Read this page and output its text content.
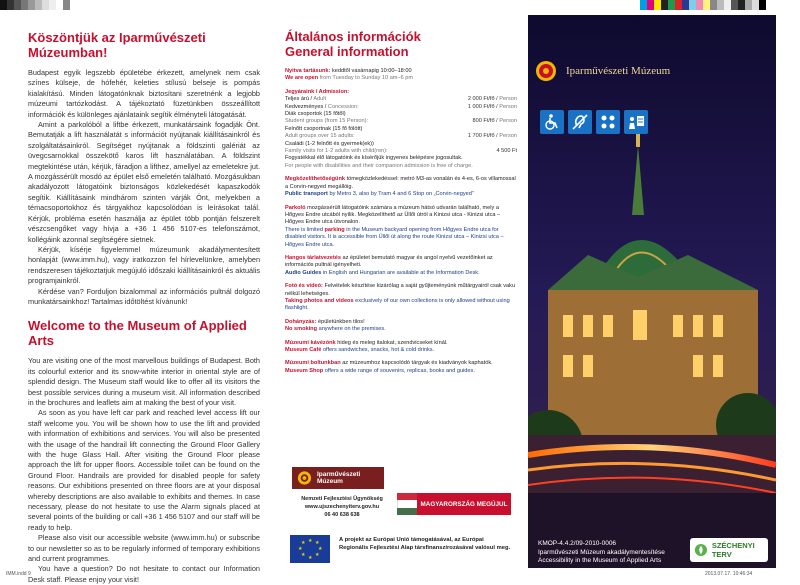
Köszöntjük az Iparművészeti Múzeumban!

Budapest egyik legszebb épületébe érkezett, amelynek nem csak színes külseje, de hófehér, keleties stílusú belseje is pompás kialakítású. Minden látogatónknak biztosítani szeretnénk a legjobb múzeumi tartózkodást. A tájékoztató füzetünkben összeállított információk és különleges ajánlataink segítik élményteli látogatását.

Amint a parkolóból a liftbe érkezett, munkatársaink fogadják Önt. Bemutatják a lift használatát s információt nyújtanak kiállításainkról és szolgáltatásainkról. Segítséget nyújtanak a földszinti galériát az üvegcsarnokkal összekötő karos lift használatában. A földszint megtekintése után, kérjük, fáradjon a lifthez, amellyel az emeletekre jut. A mozgássérült mosdó az épület első emeletén található. Mozgásukban akadályozott látogatóink biztonságos közlekedését kapaszkodók segítik. Kiállításaink mindhárom szinten várják Önt, melyekben a témacsoportokhoz és tárgyakhoz kapcsolódóan is leírásokat talál. Kérjük, probléma esetén használja az épület több pontján felszerelt vészcsengőket vagy hívja a +36 1 456 5107-es telefonszámot, kollégáink azonnal segítségére sietnek.

Kérjük, kísérje figyelemmel múzeumunk akadálymentesített honlapját (www.imm.hu), vagy iratkozzon fel hírlevelünkre, amelyben rendszeresen tájékoztatjuk megújuló időszaki kiállításainkról és aktuális programjainkról.

Kérdése van? Forduljon bizalommal az információs pultnál dolgozó munkatársainkhoz! Tartalmas időtöltést kívánunk!

Welcome to the Museum of Applied Arts

You are visiting one of the most marvellous buildings of Budapest. Both its colourful exterior and its snow-white interior in oriental style are of splendid design. The Museum staff would like to offer all its visitors the best possible services during a museum visit. All information described in the brochures and leaflets aim at making the best of your visit.

As soon as you have left car park and reached level access lift our staff welcome you. You will be shown how to use the lift and provided with information of exhibitions and services. You will also be presented with the usage of the handrail lift connecting the Ground Floor Gallery with the huge Glass Hall. After visiting the Ground Floor please approach the lift for upper floors. Accessible toilet can be found on the Ground Floor. Handrails are provided for disabled people for safety reasons. Our exhibitions presented on three floors are at your disposal whereby descriptions are also available to exhibits and themes. In case necessary, please do not hesitate to use the Alarm signals placed at several points of the building or call +36 1 456 5107 and our staff will be ready to help.

Please also visit our accessible website (www.imm.hu) or subscribe to our newsletter so as to be regularly informed of temporary exhibitions and current programmes.

You have a question? Do not hesitate to contact our Information Desk staff. Please enjoy your visit!

Általános információk
General information
Nyitva tartásunk: keddtől vasárnapig 10:00–18:00
We are open from Tuesday to Sunday 10 am–6 pm
Jegyáraink / Admission:
Teljes árú / Adult	2 000 Ft/fő / Person
Kedvezményes / Concession:	1 000 Ft/fő / Person
Diák csoportok (15 főtől)
Student groups (from 15 Person):	800 Ft/fő / Person
Felnőtt csoportnak (15 fő fölött)
Adult groups over 15 adults:	1 700 Ft/fő / Person
Családi (1-2 felnőtt és gyermek(ek))
Family visits for 1-2 adults with child(ren):	4 500 Ft
Fogyatékkal élő látogatóink és kísérőjük ingyenes belépésre jogosultak.
For people with disabilities and their companion admission is free of charge.
Megközelíthetőségünk tömegközlekedéssel: metró M3-as vonalán és 4-es, 6-os villamossal a Corvin-negyed megállóig.
Public transport by Metro 3, also by Tram 4 and 6 Stop on „Corvin-negyed”
Parkoló mozgássérült látogatóink számára a múzeum hátsó udvarán található, mely a Hőgyes Endre utcából nyílik. Megközelíthető az Üllői útról a Kinizsi utca - Kinizsi utca – Hőgyes Endre utca útvonalon.
There is limited parking in the Museum backyard opening from Hőgyes Endre utca for disabled visitors. It is accessible from Üllői út along the route Kinizsi utca – Kinizsi utca – Hőgyes Endre utca.
Hangos tárlatvezetés az épületet bemutató magyar és angol nyelvű vezetőinket az információs pultnál igényelheti.
Audio Guides in English and Hungarian are available at the Information Desk.
Fotó és videó: Felvételek készítése kizárólag a saját gyűjteményünk műtárgyairól csak vaku nélkül lehetséges.
Taking photos and videos exclusively of our own collections is only allowed without using flashlight.
Dohányzás: épületünkben tilos!
No smoking anywhere on the premises.
Múzeumi kávézónk hideg és meleg italokat, szendvicseket kínál.
Museum Café offers sandwiches, snacks, hot & cold drinks.
Múzeumi boltunkban az múzeumhoz kapcsolódó tárgyak és kiadványok kaphatók.
Museum Shop offers a wide range of souvenirs, replicas, books and guides.
Iparművészeti Múzeum
Nemzeti Fejlesztési Ügynökség
www.ujszechenyiterv.gov.hu
06 40 638 638
MAGYARORSZÁG MEGÚJUL
★ ★
★
★
★
★
★
★	A projekt az Európai Unió támogatásával, az Európai Regionális Fejlesztési Alap társfinanszírozásával valósul meg.
Iparművészeti Múzeum
KMOP-4.4.2/09-2010-0006
Iparművészeti Múzeum akadálymentesítése
Accessibility in the Museum of Applied Arts
SZÉCHENYI TERV
IMM.indd 9	2013.07.17. 10:46:34
